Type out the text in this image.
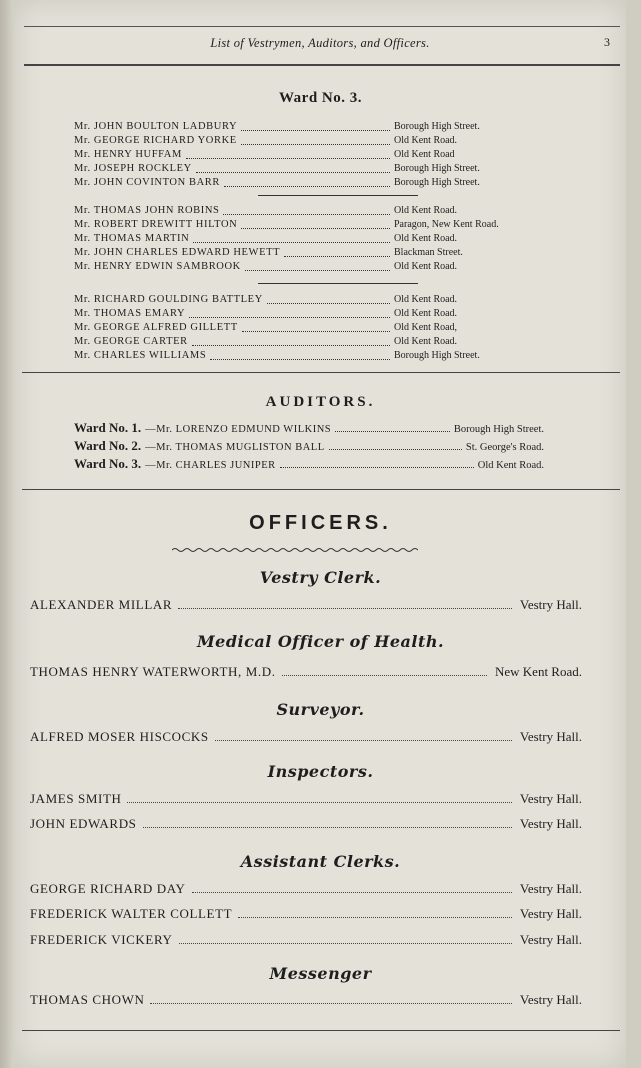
List of Vestrymen, Auditors, and Officers.	3
Ward No. 3.
Mr. JOHN BOULTON LADBURY	Borough High Street.
Mr. GEORGE RICHARD YORKE	Old Kent Road.
Mr. HENRY HUFFAM	Old Kent Road
Mr. JOSEPH ROCKLEY	Borough High Street.
Mr. JOHN COVINTON BARR	Borough High Street.
Mr. THOMAS JOHN ROBINS	Old Kent Road.
Mr. ROBERT DREWITT HILTON	Paragon, New Kent Road.
Mr. THOMAS MARTIN	Old Kent Road.
Mr. JOHN CHARLES EDWARD HEWETT	Blackman Street.
Mr. HENRY EDWIN SAMBROOK	Old Kent Road.
Mr. RICHARD GOULDING BATTLEY	Old Kent Road.
Mr. THOMAS EMARY	Old Kent Road.
Mr. GEORGE ALFRED GILLETT	Old Kent Road,
Mr. GEORGE CARTER	Old Kent Road.
Mr. CHARLES WILLIAMS	Borough High Street.
AUDITORS.
Ward No. 1. —Mr. LORENZO EDMUND WILKINS	Borough High Street.
Ward No. 2. —Mr. THOMAS MUGLISTON BALL	St. George's Road.
Ward No. 3. —Mr. CHARLES JUNIPER	Old Kent Road.
OFFICERS.
Vestry Clerk.
ALEXANDER MILLAR	Vestry Hall.
Medical Officer of Health.
THOMAS HENRY WATERWORTH, M.D.	New Kent Road.
Surveyor.
ALFRED MOSER HISCOCKS	Vestry Hall.
Inspectors.
JAMES SMITH	Vestry Hall.
JOHN EDWARDS	Vestry Hall.
Assistant Clerks.
GEORGE RICHARD DAY	Vestry Hall.
FREDERICK WALTER COLLETT	Vestry Hall.
FREDERICK VICKERY	Vestry Hall.
Messenger
THOMAS CHOWN	Vestry Hall.
